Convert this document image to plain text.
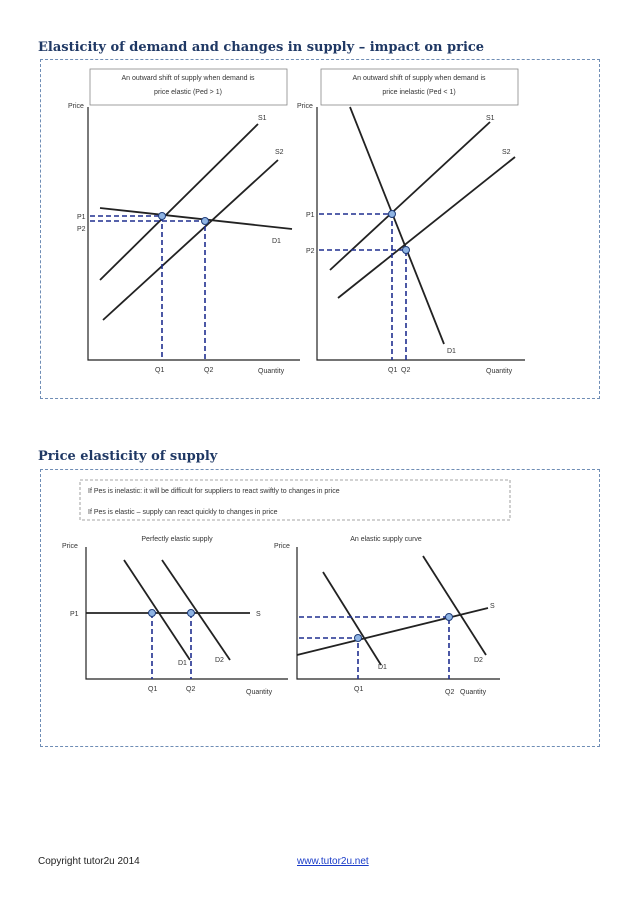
Elasticity of demand and changes in supply – impact on price
Price elasticity of supply
An outward shift of supply when demand is
price elastic (Ped > 1)
Price
Quantity
S1
S2
D1
P1
P2
Q1	Q2
An outward shift of supply when demand is
price inelastic (Ped < 1)
Price
Quantity
S1
S2
D1
P1
P2
Q1 Q2
If Pes is inelastic: it will be difficult for suppliers to react swiftly to changes in price
If Pes is elastic – supply can react quickly to changes in price
Perfectly elastic supply
Price
Quantity
S
D1	D2
P1
Q1	Q2
An elastic supply curve
Price
Quantity
S
D1
D2
Q1	Q2
Copyright tutor2u 2014	www.tutor2u.net
